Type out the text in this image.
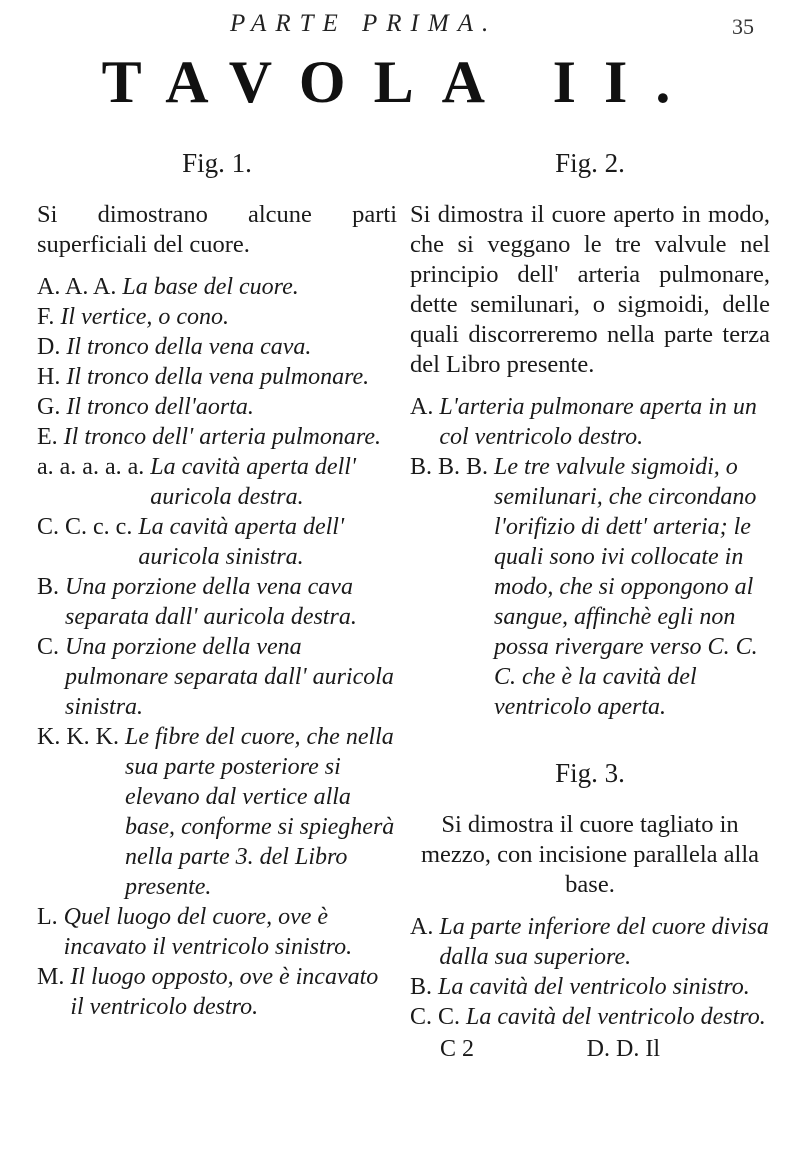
PARTE PRIMA.	35
TAVOLA II.
Fig. 1.

Si dimostrano alcune parti superficiali del cuore.

A. A. A. La base del cuore.
F. Il vertice, o cono.
D. Il tronco della vena cava.
H. Il tronco della vena pulmonare.
G. Il tronco dell'aorta.
E. Il tronco dell' arteria pulmonare.
a. a. a. a. a. La cavità aperta dell' auricola destra.
C. C. c. c. La cavità aperta dell' auricola sinistra.
B. Una porzione della vena cava separata dall' auricola destra.
C. Una porzione della vena pulmonare separata dall' auricola sinistra.
K. K. K. Le fibre del cuore, che nella sua parte posteriore si elevano dal vertice alla base, conforme si spiegherà nella parte 3. del Libro presente.
L. Quel luogo del cuore, ove è incavato il ventricolo sinistro.
M. Il luogo opposto, ove è incavato il ventricolo destro.
Fig. 2.

Si dimostra il cuore aperto in modo, che si veggano le tre valvule nel principio dell' arteria pulmonare, dette semilunari, o sigmoidi, delle quali discorreremo nella parte terza del Libro presente.

A. L'arteria pulmonare aperta in un col ventricolo destro.
B. B. B. Le tre valvule sigmoidi, o semilunari, che circondano l'orifizio di dett' arteria; le quali sono ivi collocate in modo, che si oppongono al sangue, affinchè egli non possa rivergare verso C. C. C. che è la cavità del ventricolo aperta.
Fig. 3.

Si dimostra il cuore tagliato in mezzo, con incisione parallela alla base.

A. La parte inferiore del cuore divisa dalla sua superiore.
B. La cavità del ventricolo sinistro.
C. C. La cavità del ventricolo destro.
C 2	D. D. Il
